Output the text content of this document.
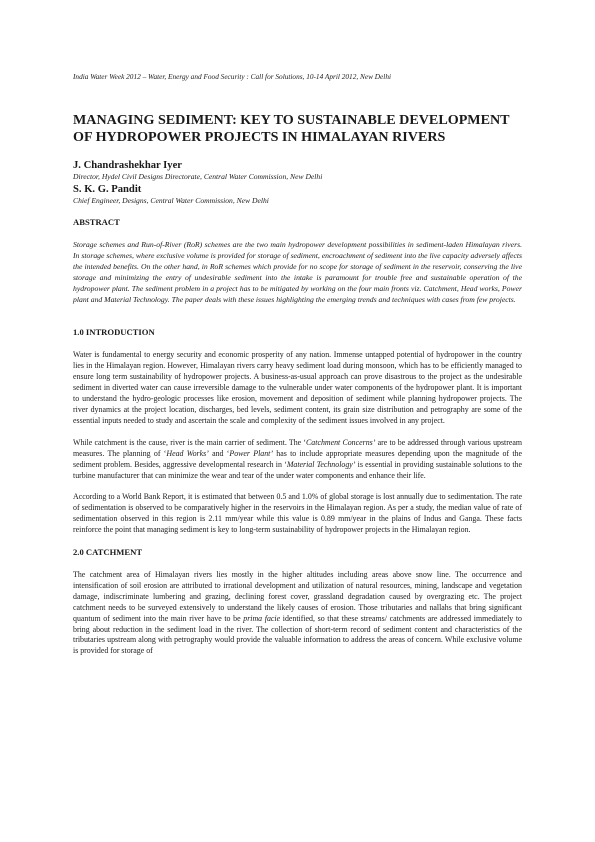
India Water Week 2012 – Water, Energy and Food Security : Call for Solutions, 10-14 April 2012, New Delhi
MANAGING SEDIMENT: KEY TO SUSTAINABLE DEVELOPMENT OF HYDROPOWER PROJECTS IN HIMALAYAN RIVERS

J. Chandrashekhar Iyer

Director, Hydel Civil Designs Directorate, Central Water Commission, New Delhi

S. K. G. Pandit

Chief Engineer, Designs, Central Water Commission, New Delhi

ABSTRACT

Storage schemes and Run-of-River (RoR) schemes are the two main hydropower development possibilities in sediment-laden Himalayan rivers. In storage schemes, where exclusive volume is provided for storage of sediment, encroachment of sediment into the live capacity adversely affects the intended benefits. On the other hand, in RoR schemes which provide for no scope for storage of sediment in the reservoir, conserving the live storage and minimizing the entry of undesirable sediment into the intake is paramount for trouble free and sustainable operation of the hydropower plant. The sediment problem in a project has to be mitigated by working on the four main fronts viz. Catchment, Head works, Power plant and Material Technology. The paper deals with these issues highlighting the emerging trends and techniques with cases from few projects.

1.0 INTRODUCTION

Water is fundamental to energy security and economic prosperity of any nation. Immense untapped potential of hydropower in the country lies in the Himalayan region. However, Himalayan rivers carry heavy sediment load during monsoon, which has to be efficiently managed to ensure long term sustainability of hydropower projects. A business-as-usual approach can prove disastrous to the project as the undesirable sediment in diverted water can cause irreversible damage to the vulnerable under water components of the hydropower plant. It is important to understand the hydro-geologic processes like erosion, movement and deposition of sediment while planning hydropower projects. The river dynamics at the project location, discharges, bed levels, sediment content, its grain size distribution and petrography are some of the essential inputs needed to study and ascertain the scale and complexity of the sediment issues involved in any project.

While catchment is the cause, river is the main carrier of sediment. The ‘Catchment Concerns’ are to be addressed through various upstream measures. The planning of ‘Head Works’ and ‘Power Plant’ has to include appropriate measures depending upon the magnitude of the sediment problem. Besides, aggressive developmental research in ‘Material Technology’ is essential in providing sustainable solutions to the turbine manufacturer that can minimize the wear and tear of the under water components and enhance their life.

According to a World Bank Report, it is estimated that between 0.5 and 1.0% of global storage is lost annually due to sedimentation. The rate of sedimentation is observed to be comparatively higher in the reservoirs in the Himalayan region. As per a study, the median value of rate of sedimentation observed in this region is 2.11 mm/year while this value is 0.89 mm/year in the plains of Indus and Ganga. These facts reinforce the point that managing sediment is key to long-term sustainability of hydropower projects in the Himalayan region.

2.0 CATCHMENT

The catchment area of Himalayan rivers lies mostly in the higher altitudes including areas above snow line. The occurrence and intensification of soil erosion are attributed to irrational development and utilization of natural resources, mining, landscape and vegetation damage, indiscriminate lumbering and grazing, declining forest cover, grassland degradation caused by overgrazing etc. The project catchment needs to be surveyed extensively to understand the likely causes of erosion. Those tributaries and nallahs that bring significant quantum of sediment into the main river have to be prima facie identified, so that these streams/ catchments are addressed immediately to bring about reduction in the sediment load in the river. The collection of short-term record of sediment content and characteristics of the tributaries upstream along with petrography would provide the valuable information to address the areas of concern. While exclusive volume is provided for storage of
